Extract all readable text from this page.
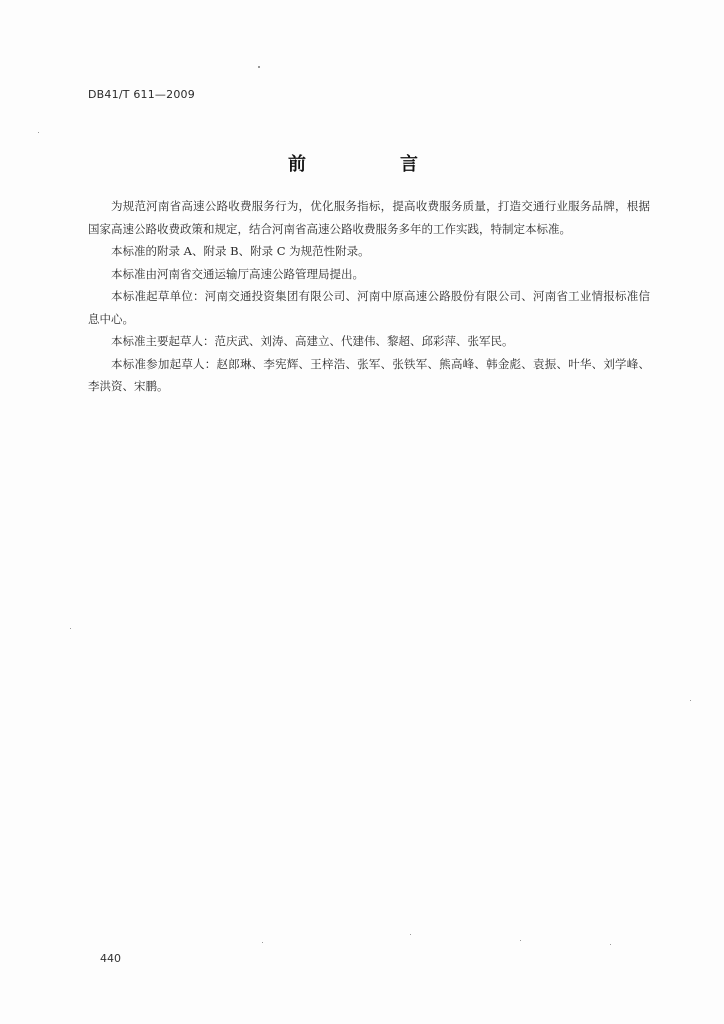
DB41/T 611—2009
前　言

为规范河南省高速公路收费服务行为，优化服务指标，提高收费服务质量，打造交通行业服务品牌，根据国家高速公路收费政策和规定，结合河南省高速公路收费服务多年的工作实践，特制定本标准。

本标准的附录 A、附录 B、附录 C 为规范性附录。

本标准由河南省交通运输厅高速公路管理局提出。

本标准起草单位：河南交通投资集团有限公司、河南中原高速公路股份有限公司、河南省工业情报标准信息中心。

本标准主要起草人：范庆武、刘涛、高建立、代建伟、黎超、邱彩萍、张军民。

本标准参加起草人：赵郎琳、李宪辉、王梓浩、张军、张铁军、熊高峰、韩金彪、袁振、叶华、刘学峰、李洪资、宋鹏。

440
